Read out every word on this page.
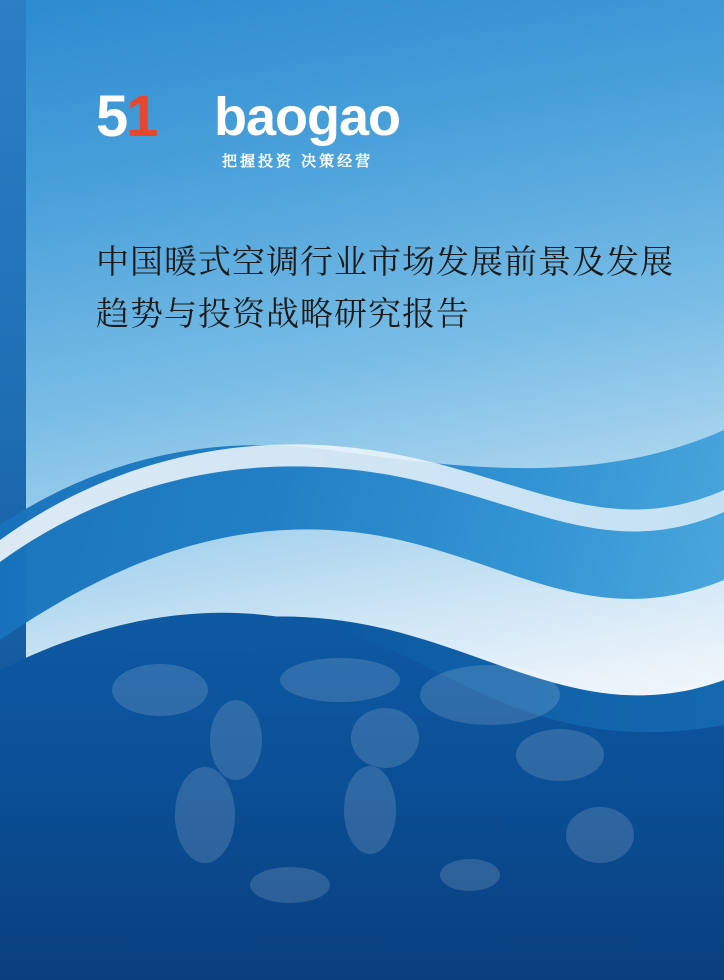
51 baogao
把握投资 决策经营
中国暖式空调行业市场发展前景及发展趋势与投资战略研究报告
